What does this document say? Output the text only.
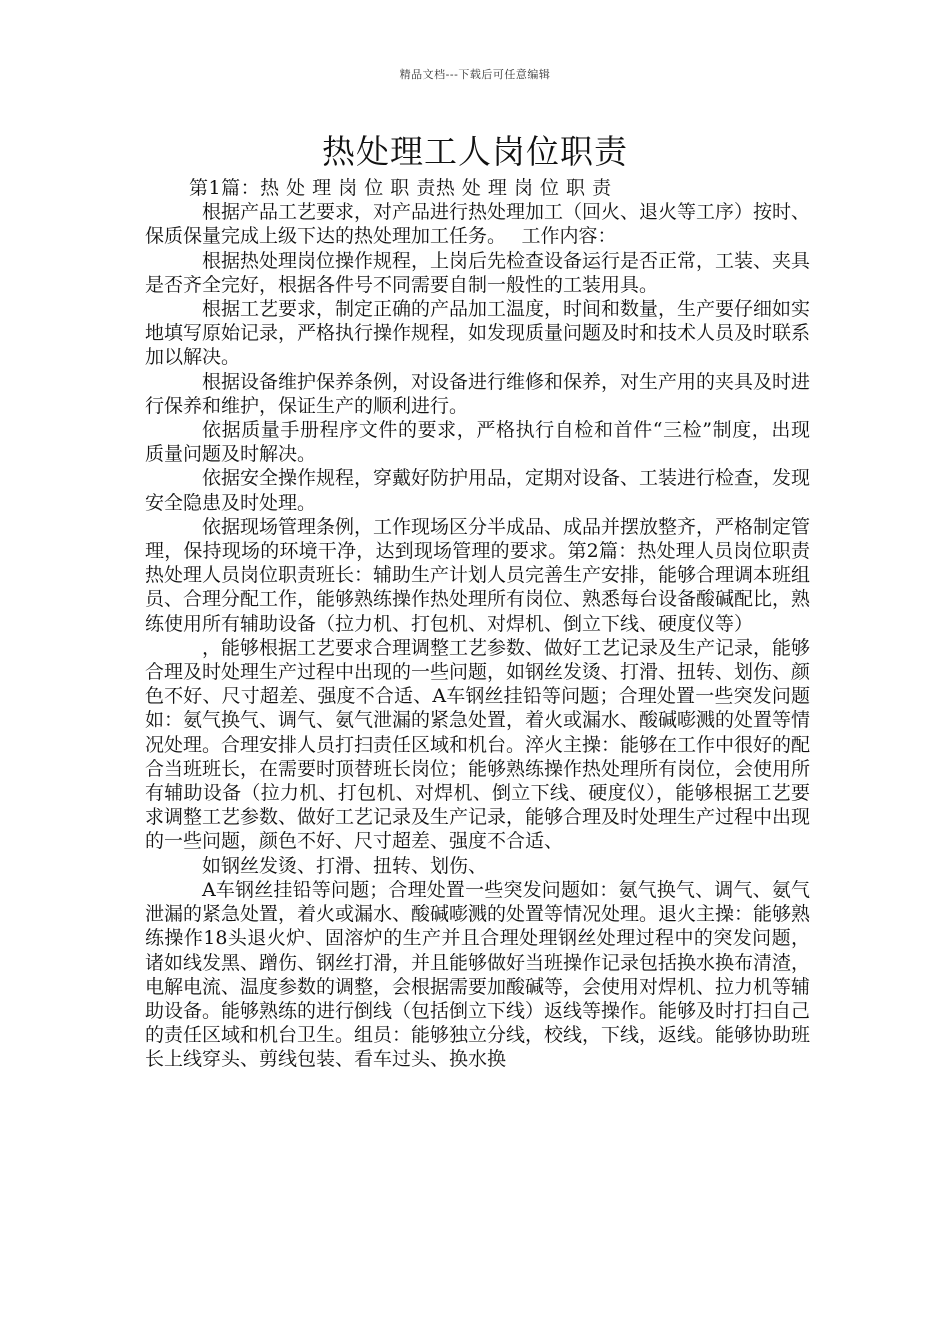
精品文档---下载后可任意编辑
热处理工人岗位职责

第1篇：热 处 理 岗 位 职 责热 处 理 岗 位 职 责

根据产品工艺要求，对产品进行热处理加工（回火、退火等工序）按时、保质保量完成上级下达的热处理加工任务。　 工作内容：

根据热处理岗位操作规程，上岗后先检查设备运行是否正常，工装、夹具是否齐全完好，根据各件号不同需要自制一般性的工装用具。

根据工艺要求，制定正确的产品加工温度，时间和数量，生产要仔细如实地填写原始记录，严格执行操作规程，如发现质量问题及时和技术人员及时联系加以解决。

根据设备维护保养条例，对设备进行维修和保养，对生产用的夹具及时进行保养和维护，保证生产的顺利进行。

依据质量手册程序文件的要求，严格执行自检和首件“三检”制度，出现质量问题及时解决。

依据安全操作规程，穿戴好防护用品，定期对设备、工装进行检查，发现安全隐患及时处理。

依据现场管理条例，工作现场区分半成品、成品并摆放整齐，严格制定管理，保持现场的环境干净，达到现场管理的要求。第2篇：热处理人员岗位职责热处理人员岗位职责班长：辅助生产计划人员完善生产安排，能够合理调本班组员、合理分配工作，能够熟练操作热处理所有岗位、熟悉每台设备酸碱配比，熟练使用所有辅助设备（拉力机、打包机、对焊机、倒立下线、硬度仪等）

，能够根据工艺要求合理调整工艺参数、做好工艺记录及生产记录，能够合理及时处理生产过程中出现的一些问题，如钢丝发烫、打滑、扭转、划伤、颜色不好、尺寸超差、强度不合适、A车钢丝挂铅等问题；合理处置一些突发问题如：氨气换气、调气、氨气泄漏的紧急处置，着火或漏水、酸碱嘭溅的处置等情况处理。合理安排人员打扫责任区域和机台。淬火主操：能够在工作中很好的配合当班班长，在需要时顶替班长岗位；能够熟练操作热处理所有岗位，会使用所有辅助设备（拉力机、打包机、对焊机、倒立下线、硬度仪），能够根据工艺要求调整工艺参数、做好工艺记录及生产记录，能够合理及时处理生产过程中出现的一些问题，颜色不好、尺寸超差、强度不合适、

如钢丝发烫、打滑、扭转、划伤、

A车钢丝挂铅等问题；合理处置一些突发问题如：氨气换气、调气、氨气泄漏的紧急处置，着火或漏水、酸碱嘭溅的处置等情况处理。退火主操：能够熟练操作18头退火炉、固溶炉的生产并且合理处理钢丝处理过程中的突发问题，诸如线发黑、蹭伤、钢丝打滑，并且能够做好当班操作记录包括换水换布清渣，电解电流、温度参数的调整，会根据需要加酸碱等，会使用对焊机、拉力机等辅助设备。能够熟练的进行倒线（包括倒立下线）返线等操作。能够及时打扫自己的责任区域和机台卫生。组员：能够独立分线，校线，下线，返线。能够协助班长上线穿头、剪线包装、看车过头、换水换
